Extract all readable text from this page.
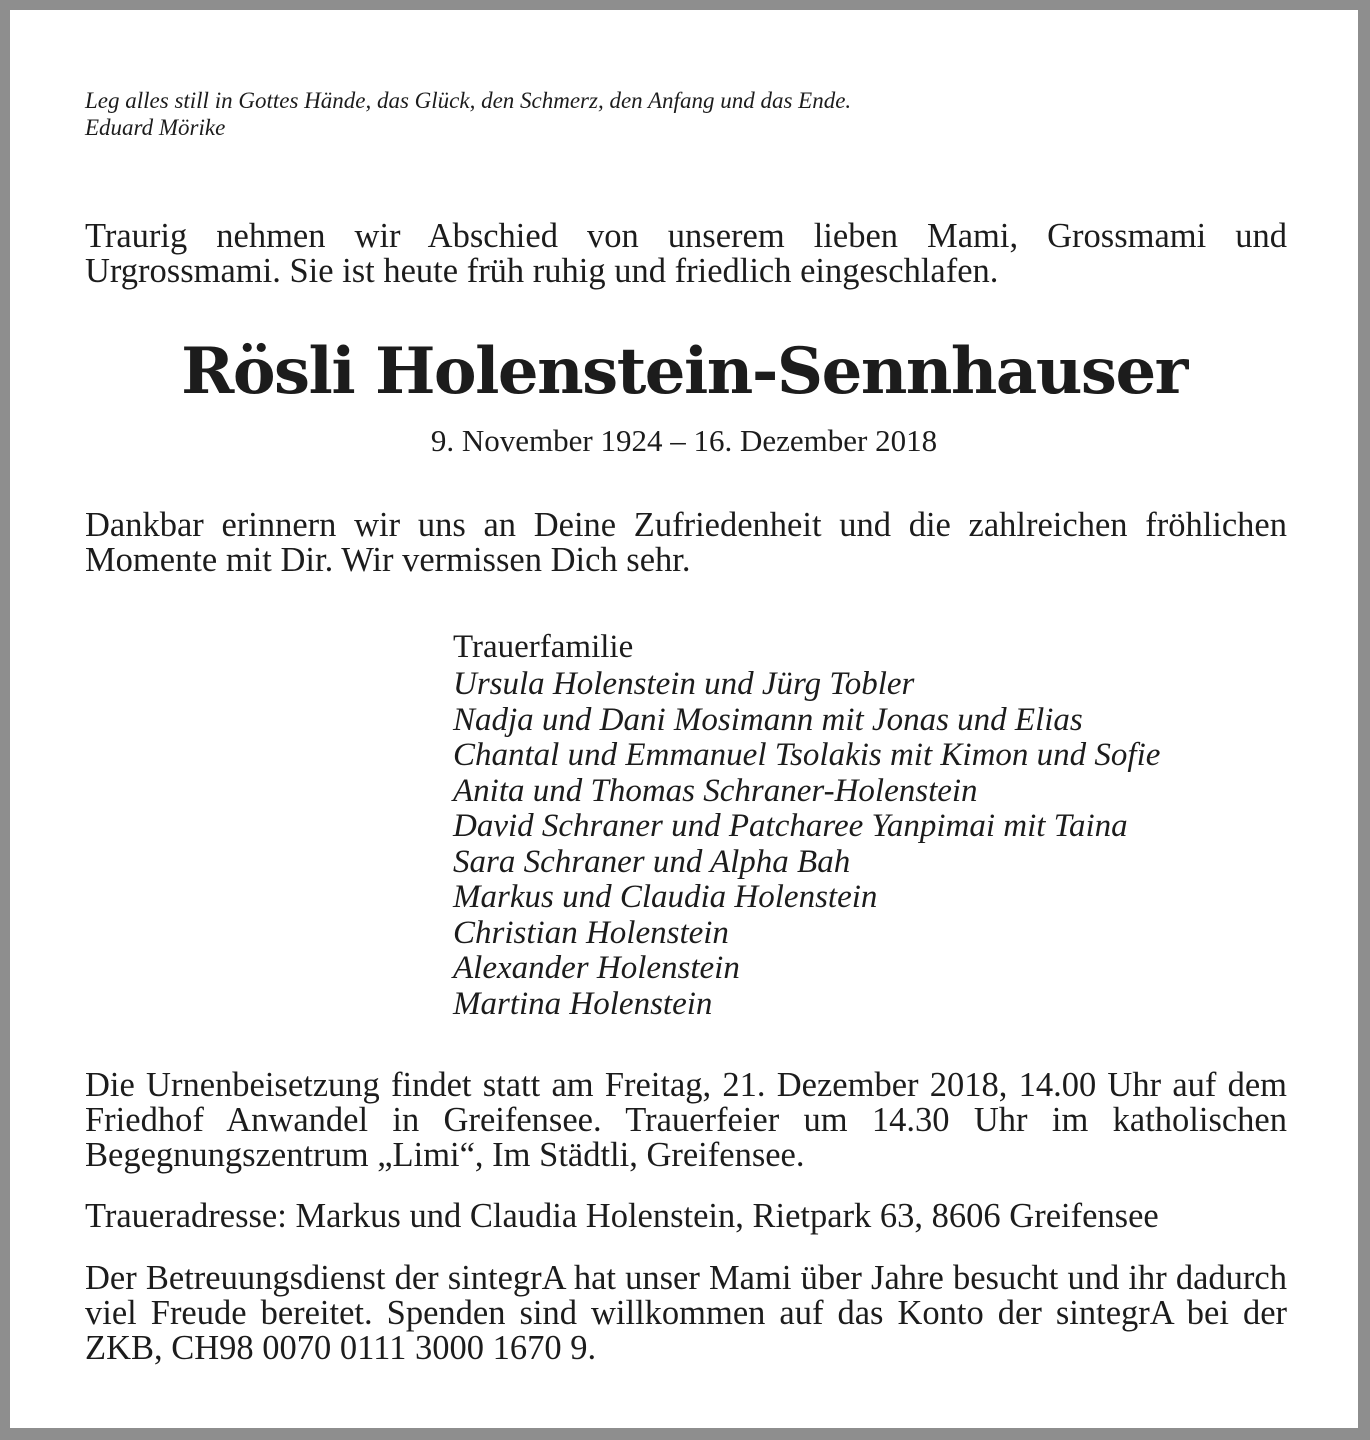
Leg alles still in Gottes Hände, das Glück, den Schmerz, den Anfang und das Ende.
Eduard Mörike
Traurig nehmen wir Abschied von unserem lieben Mami, Grossmami und Urgrossmami. Sie ist heute früh ruhig und friedlich eingeschlafen.
Rösli Holenstein-Sennhauser
9. November 1924 – 16. Dezember 2018
Dankbar erinnern wir uns an Deine Zufriedenheit und die zahlreichen fröhlichen Momente mit Dir. Wir vermissen Dich sehr.
Trauerfamilie
Ursula Holenstein und Jürg Tobler
Nadja und Dani Mosimann mit Jonas und Elias
Chantal und Emmanuel Tsolakis mit Kimon und Sofie
Anita und Thomas Schraner-Holenstein
David Schraner und Patcharee Yanpimai mit Taina
Sara Schraner und Alpha Bah
Markus und Claudia Holenstein
Christian Holenstein
Alexander Holenstein
Martina Holenstein
Die Urnenbeisetzung findet statt am Freitag, 21. Dezember 2018, 14.00 Uhr auf dem Friedhof Anwandel in Greifensee. Trauerfeier um 14.30 Uhr im katholischen Begegnungszentrum „Limi“, Im Städtli, Greifensee.
Traueradresse: Markus und Claudia Holenstein, Rietpark 63, 8606 Greifensee
Der Betreuungsdienst der sintegrA hat unser Mami über Jahre besucht und ihr dadurch viel Freude bereitet. Spenden sind willkommen auf das Konto der sintegrA bei der ZKB, CH98 0070 0111 3000 1670 9.
